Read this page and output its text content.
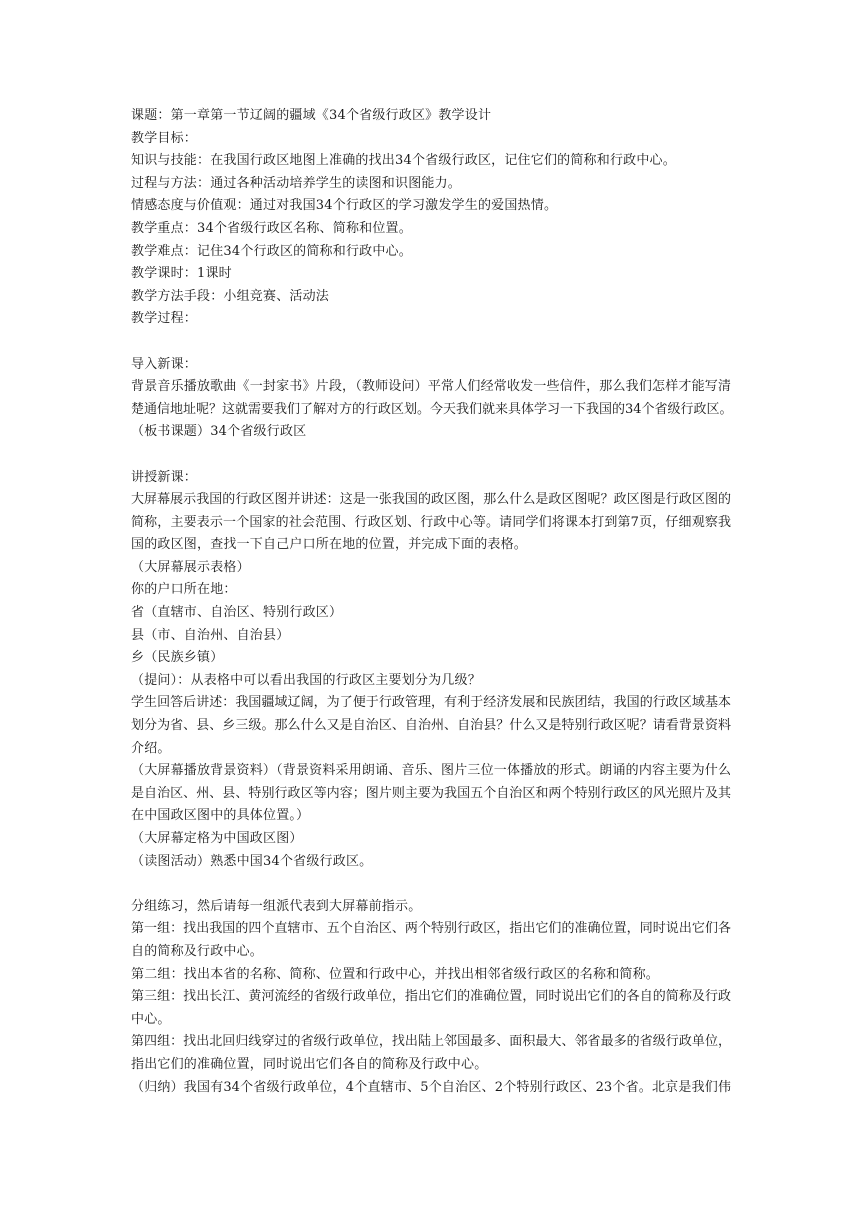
课题：第一章第一节辽阔的疆域《34个省级行政区》教学设计
教学目标：
知识与技能：在我国行政区地图上准确的找出34个省级行政区，记住它们的简称和行政中心。
过程与方法：通过各种活动培养学生的读图和识图能力。
情感态度与价值观：通过对我国34个行政区的学习激发学生的爱国热情。
教学重点：34个省级行政区名称、简称和位置。
教学难点：记住34个行政区的简称和行政中心。
教学课时：1课时
教学方法手段：小组竞赛、活动法
教学过程：
导入新课：
背景音乐播放歌曲《一封家书》片段，（教师设问）平常人们经常收发一些信件，那么我们怎样才能写清
楚通信地址呢？这就需要我们了解对方的行政区划。今天我们就来具体学习一下我国的34个省级行政区。
（板书课题）34个省级行政区
讲授新课：
大屏幕展示我国的行政区图并讲述：这是一张我国的政区图，那么什么是政区图呢？政区图是行政区图的
简称，主要表示一个国家的社会范围、行政区划、行政中心等。请同学们将课本打到第7页，仔细观察我
国的政区图，查找一下自己户口所在地的位置，并完成下面的表格。
（大屏幕展示表格）
你的户口所在地：
省（直辖市、自治区、特别行政区）
县（市、自治州、自治县）
乡（民族乡镇）
（提问）：从表格中可以看出我国的行政区主要划分为几级？
学生回答后讲述：我国疆域辽阔，为了便于行政管理，有利于经济发展和民族团结，我国的行政区域基本
划分为省、县、乡三级。那么什么又是自治区、自治州、自治县？什么又是特别行政区呢？请看背景资料
介绍。
（大屏幕播放背景资料）（背景资料采用朗诵、音乐、图片三位一体播放的形式。朗诵的内容主要为什么
是自治区、州、县、特别行政区等内容；图片则主要为我国五个自治区和两个特别行政区的风光照片及其
在中国政区图中的具体位置。）
（大屏幕定格为中国政区图）
（读图活动）熟悉中国34个省级行政区。
分组练习，然后请每一组派代表到大屏幕前指示。
第一组：找出我国的四个直辖市、五个自治区、两个特别行政区，指出它们的准确位置，同时说出它们各
自的简称及行政中心。
第二组：找出本省的名称、简称、位置和行政中心，并找出相邻省级行政区的名称和简称。
第三组：找出长江、黄河流经的省级行政单位，指出它们的准确位置，同时说出它们的各自的简称及行政
中心。
第四组：找出北回归线穿过的省级行政单位，找出陆上邻国最多、面积最大、邻省最多的省级行政单位，
指出它们的准确位置，同时说出它们各自的简称及行政中心。
（归纳）我国有34个省级行政单位，4个直辖市、5个自治区、2个特别行政区、23个省。北京是我们伟
